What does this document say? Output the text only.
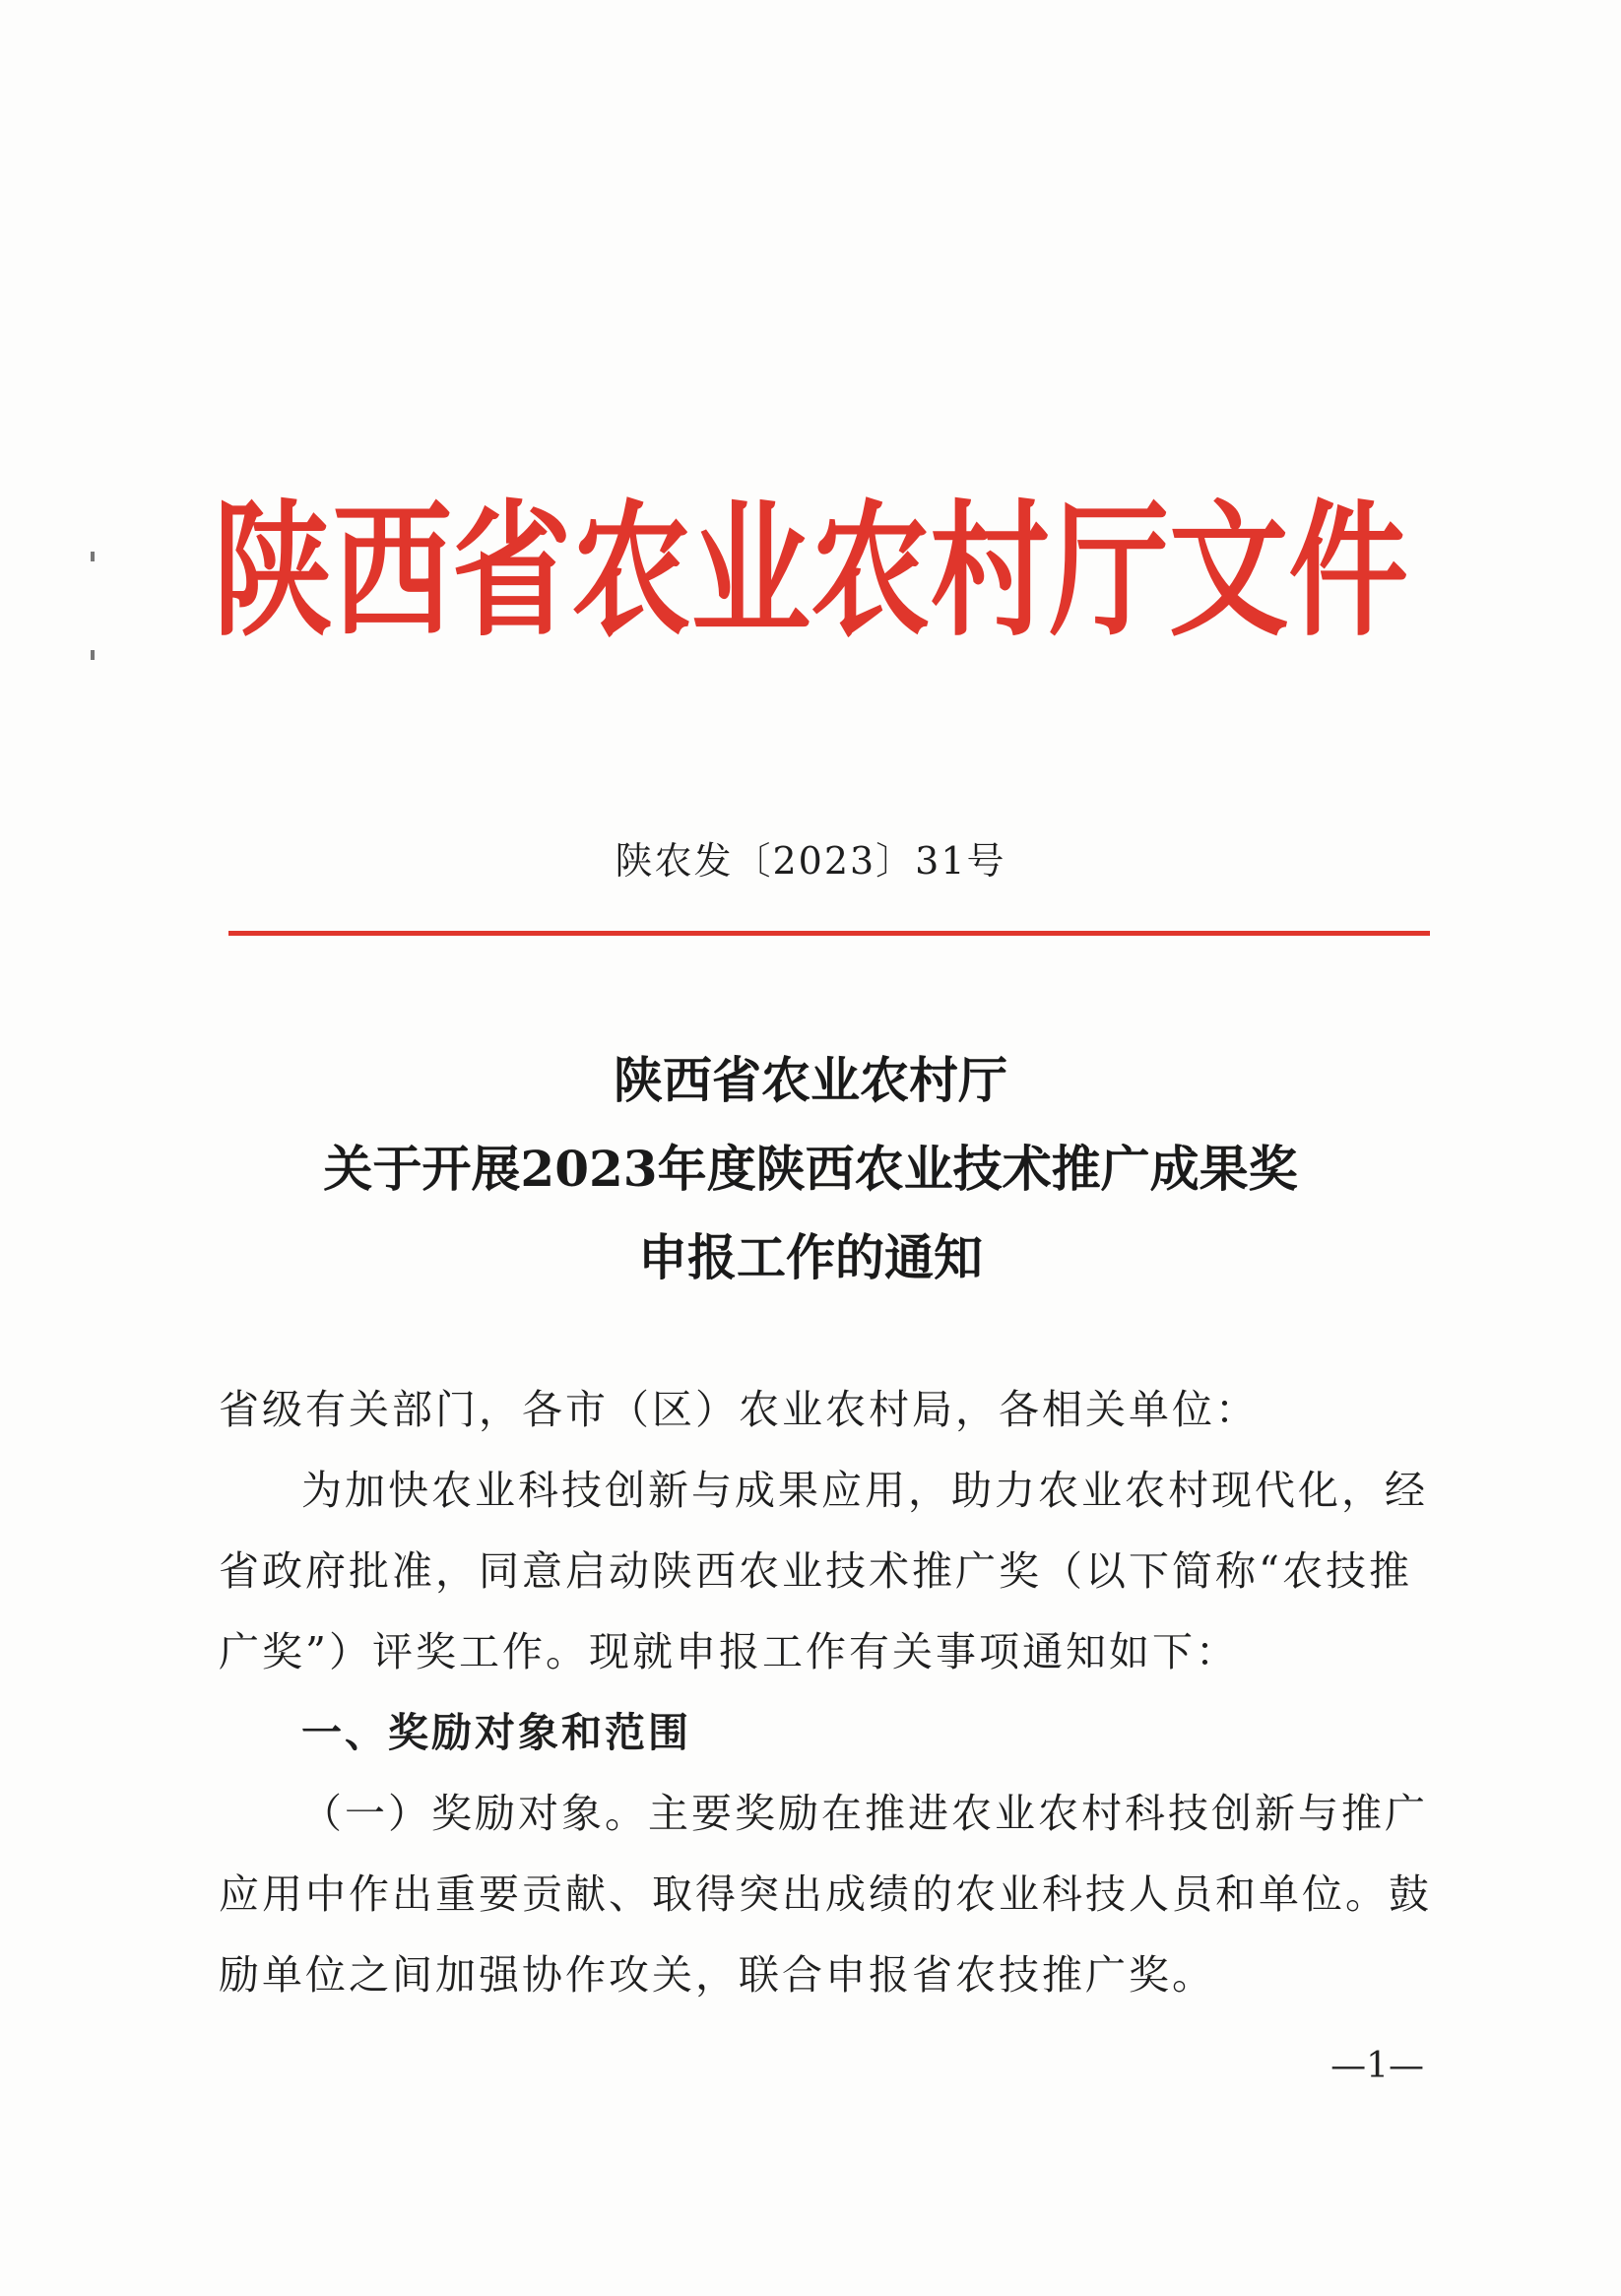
陕西省农业农村厅文件
陕农发〔2023〕31号
陕西省农业农村厅
关于开展2023年度陕西农业技术推广成果奖
申报工作的通知

省级有关部门，各市（区）农业农村局，各相关单位：

为加快农业科技创新与成果应用，助力农业农村现代化，经

省政府批准，同意启动陕西农业技术推广奖（以下简称“农技推

广奖”）评奖工作。现就申报工作有关事项通知如下：

一、奖励对象和范围

（一）奖励对象。主要奖励在推进农业农村科技创新与推广

应用中作出重要贡献、取得突出成绩的农业科技人员和单位。鼓

励单位之间加强协作攻关，联合申报省农技推广奖。

—1—
